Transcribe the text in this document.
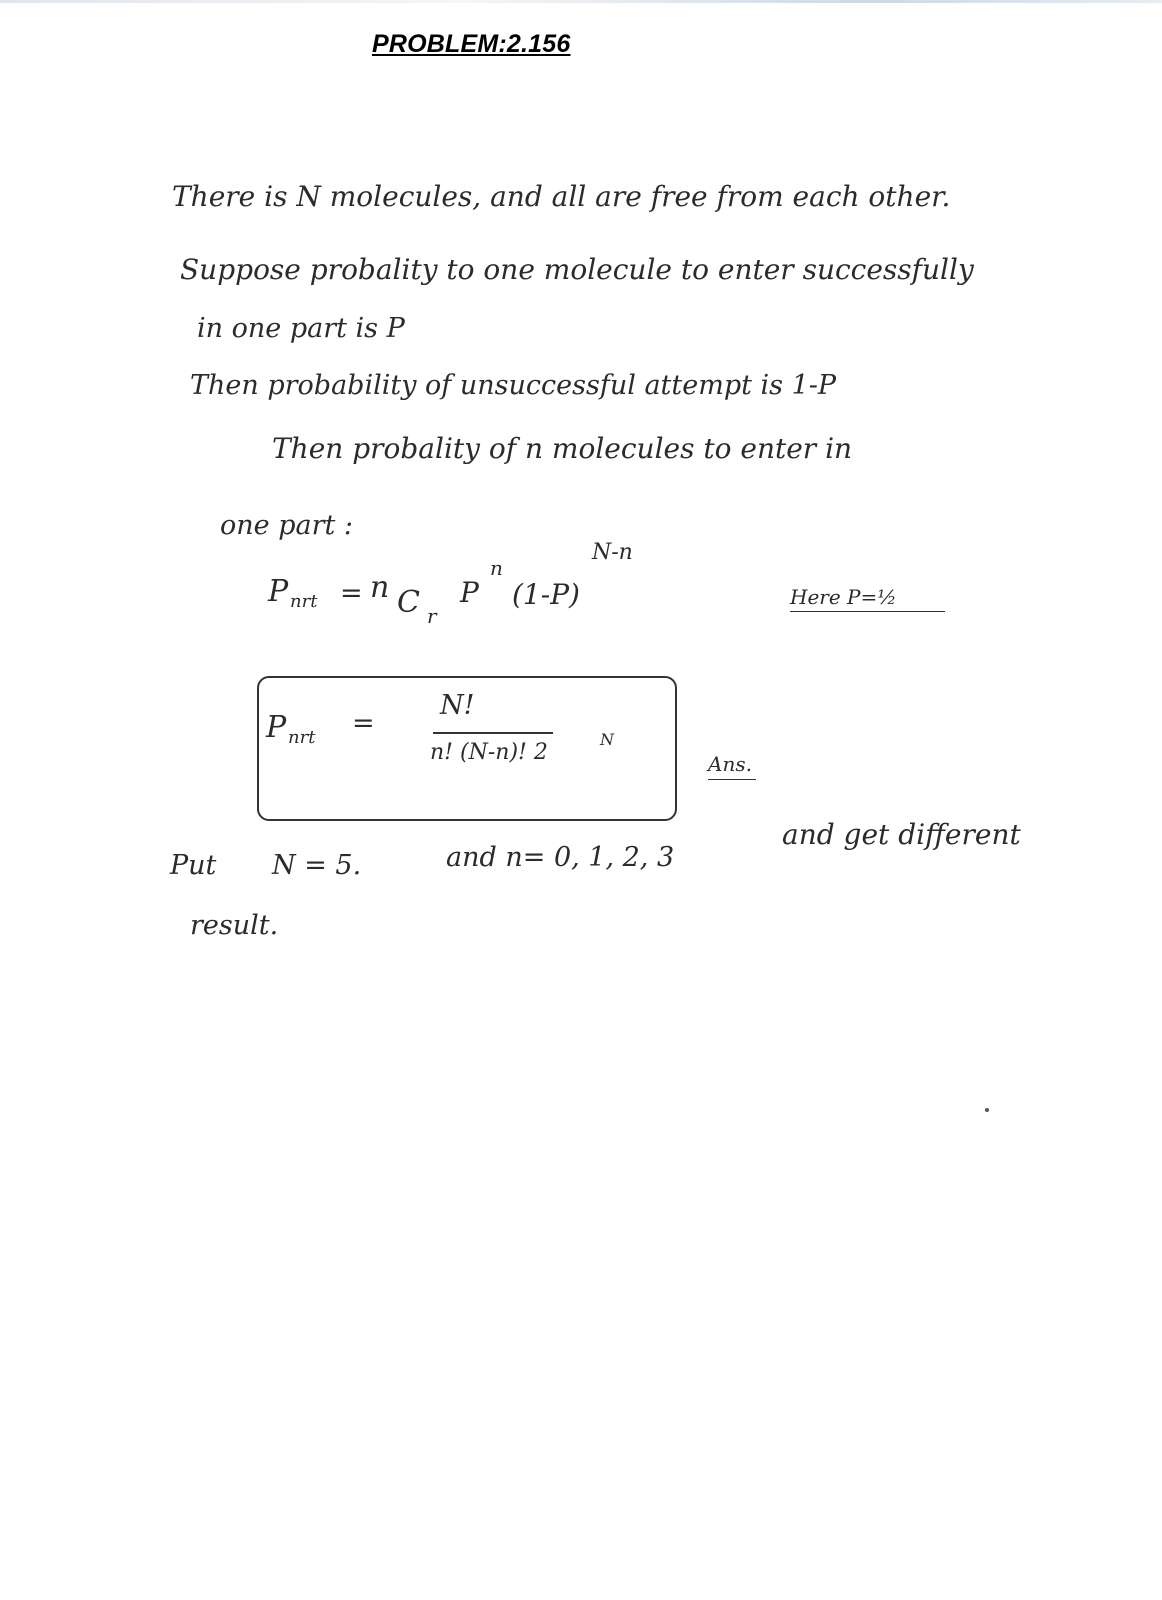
PROBLEM:2.156
There is N molecules, and all are free from each other.
Suppose probality to one molecule to enter successfully
in one part is P
Then probability of unsuccessful attempt is 1-P
Then probality of n molecules to enter in
one part :
P nrt = n C r
P
n
(1-P)
N-n
Here P=½
P nrt =
N!
n! (N-n)! 2
N
Ans.
Put N = 5.	and n= 0, 1, 2, 3
and get different
result.
